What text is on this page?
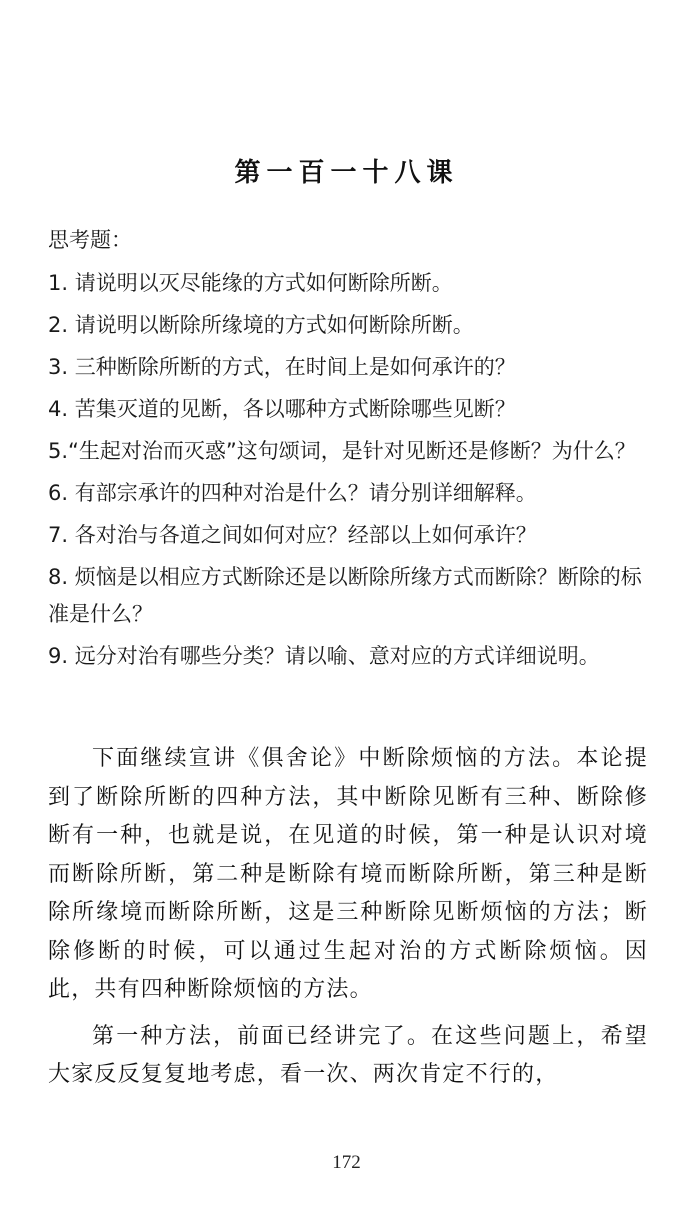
第一百一十八课
思考题：
1. 请说明以灭尽能缘的方式如何断除所断。
2. 请说明以断除所缘境的方式如何断除所断。
3. 三种断除所断的方式，在时间上是如何承许的？
4. 苦集灭道的见断，各以哪种方式断除哪些见断？
5.“生起对治而灭惑”这句颂词，是针对见断还是修断？为什么？
6. 有部宗承许的四种对治是什么？请分别详细解释。
7. 各对治与各道之间如何对应？经部以上如何承许？
8. 烦恼是以相应方式断除还是以断除所缘方式而断除？断除的标准是什么？
9. 远分对治有哪些分类？请以喻、意对应的方式详细说明。

下面继续宣讲《俱舍论》中断除烦恼的方法。本论提到了断除所断的四种方法，其中断除见断有三种、断除修断有一种，也就是说，在见道的时候，第一种是认识对境而断除所断，第二种是断除有境而断除所断，第三种是断除所缘境而断除所断，这是三种断除见断烦恼的方法；断除修断的时候，可以通过生起对治的方式断除烦恼。因此，共有四种断除烦恼的方法。

第一种方法，前面已经讲完了。在这些问题上，希望大家反反复复地考虑，看一次、两次肯定不行的，

172
